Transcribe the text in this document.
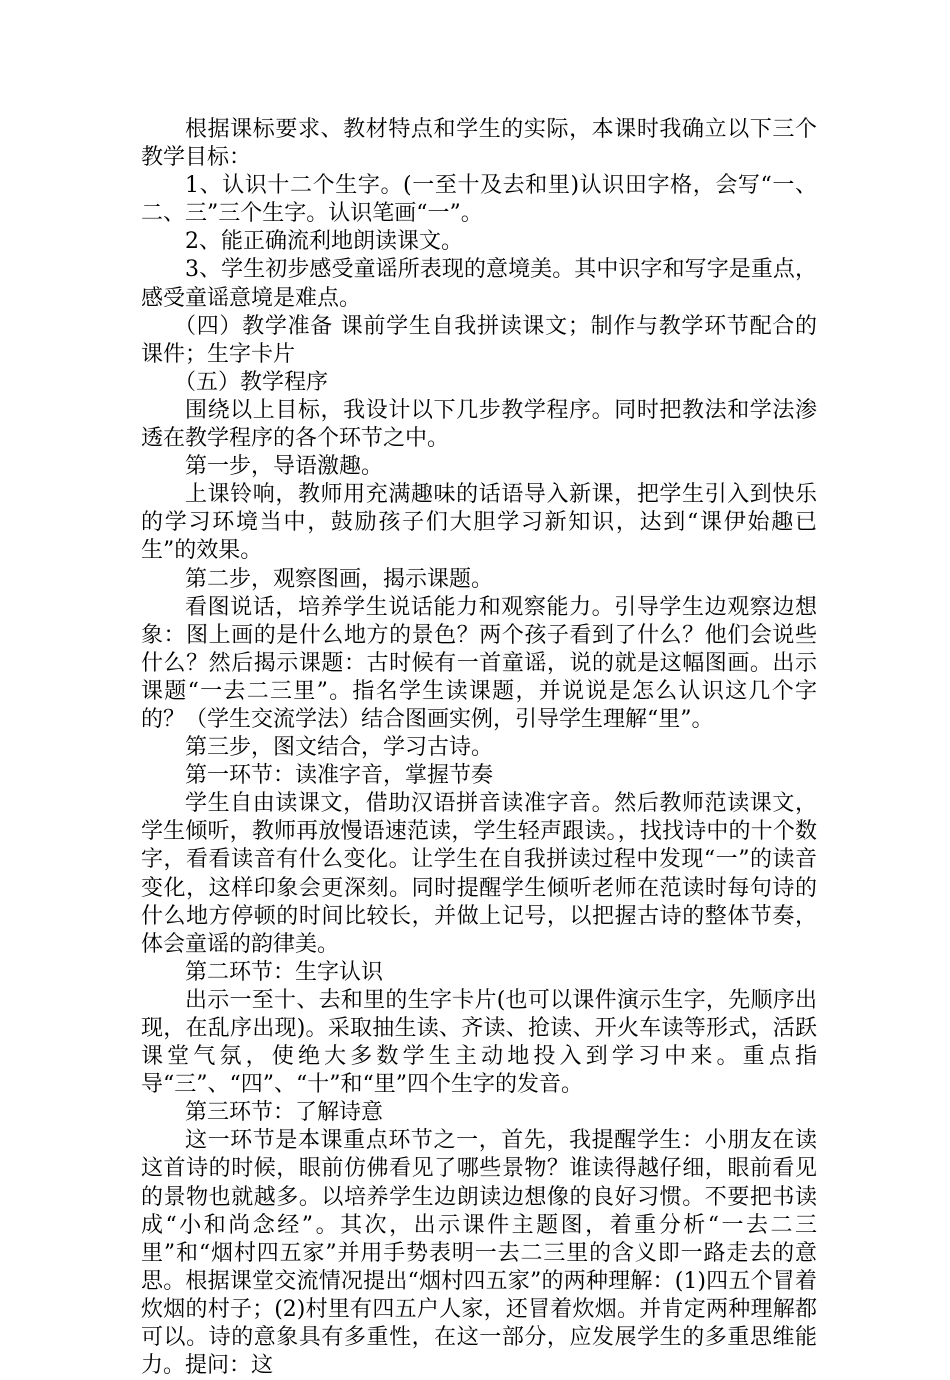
根据课标要求、教材特点和学生的实际，本课时我确立以下三个教学目标：

1、认识十二个生字。(一至十及去和里)认识田字格，会写“一、二、三”三个生字。认识笔画“一”。

2、能正确流利地朗读课文。

3、学生初步感受童谣所表现的意境美。其中识字和写字是重点，感受童谣意境是难点。

（四）教学准备 课前学生自我拼读课文；制作与教学环节配合的课件；生字卡片

（五）教学程序

围绕以上目标，我设计以下几步教学程序。同时把教法和学法渗透在教学程序的各个环节之中。

第一步，导语激趣。

上课铃响，教师用充满趣味的话语导入新课，把学生引入到快乐的学习环境当中，鼓励孩子们大胆学习新知识，达到“课伊始趣已生”的效果。

第二步，观察图画，揭示课题。

看图说话，培养学生说话能力和观察能力。引导学生边观察边想象：图上画的是什么地方的景色？两个孩子看到了什么？他们会说些什么？然后揭示课题：古时候有一首童谣，说的就是这幅图画。出示课题“一去二三里”。指名学生读课题，并说说是怎么认识这几个字的？（学生交流学法）结合图画实例，引导学生理解“里”。

第三步，图文结合，学习古诗。

第一环节：读准字音，掌握节奏

学生自由读课文，借助汉语拼音读准字音。然后教师范读课文，学生倾听，教师再放慢语速范读，学生轻声跟读。，找找诗中的十个数字，看看读音有什么变化。让学生在自我拼读过程中发现“一”的读音变化，这样印象会更深刻。同时提醒学生倾听老师在范读时每句诗的什么地方停顿的时间比较长，并做上记号，以把握古诗的整体节奏，体会童谣的韵律美。

第二环节：生字认识

出示一至十、去和里的生字卡片(也可以课件演示生字，先顺序出现，在乱序出现)。采取抽生读、齐读、抢读、开火车读等形式，活跃课堂气氛，使绝大多数学生主动地投入到学习中来。重点指导“三”、“四”、“十”和“里”四个生字的发音。

第三环节：了解诗意

这一环节是本课重点环节之一，首先，我提醒学生：小朋友在读这首诗的时候，眼前仿佛看见了哪些景物？谁读得越仔细，眼前看见的景物也就越多。以培养学生边朗读边想像的良好习惯。不要把书读成“小和尚念经”。其次，出示课件主题图，着重分析“一去二三里”和“烟村四五家”并用手势表明一去二三里的含义即一路走去的意思。根据课堂交流情况提出“烟村四五家”的两种理解：(1)四五个冒着炊烟的村子；(2)村里有四五户人家，还冒着炊烟。并肯定两种理解都可以。诗的意象具有多重性，在这一部分，应发展学生的多重思维能力。提问：这
